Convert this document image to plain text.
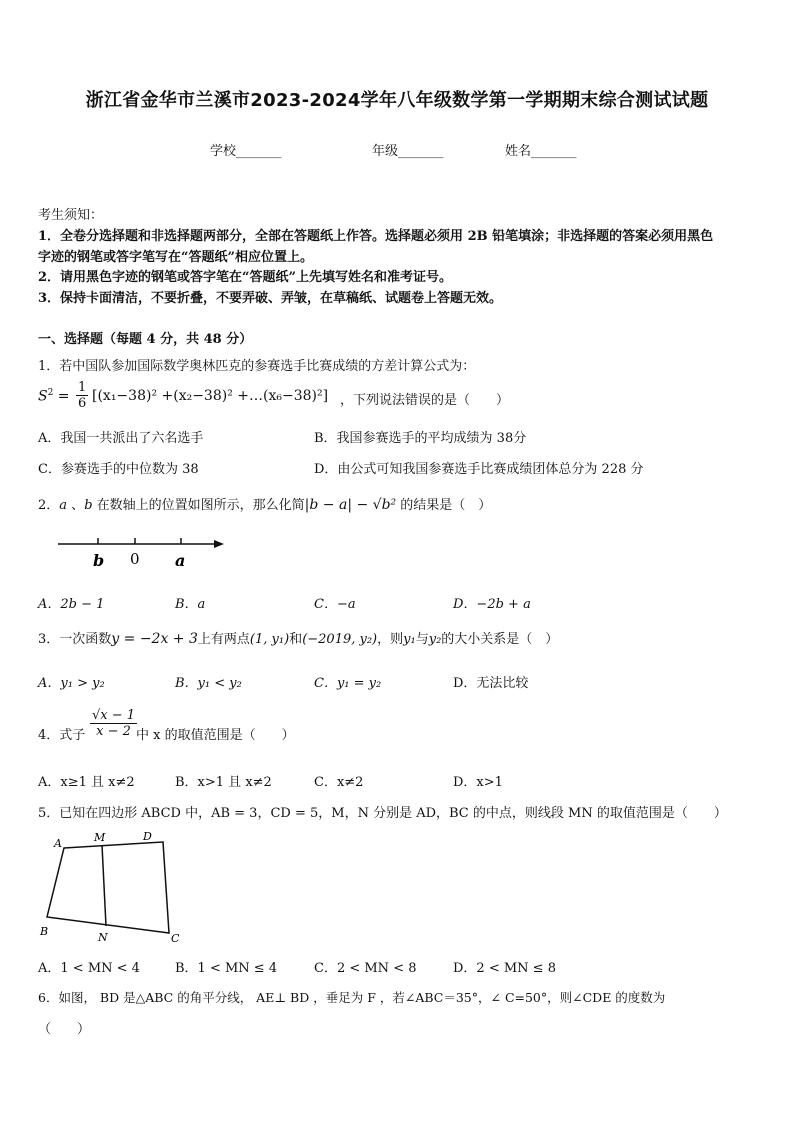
浙江省金华市兰溪市2023-2024学年八年级数学第一学期期末综合测试试题
学校_______	年级_______	姓名_______
考生须知：
1．全卷分选择题和非选择题两部分，全部在答题纸上作答。选择题必须用 2B 铅笔填涂；非选择题的答案必须用黑色
字迹的钢笔或答字笔写在“答题纸”相应位置上。
2．请用黑色字迹的钢笔或答字笔在“答题纸”上先填写姓名和准考证号。
3．保持卡面清洁，不要折叠，不要弄破、弄皱，在草稿纸、试题卷上答题无效。
一、选择题（每题 4 分，共 48 分）
1．若中国队参加国际数学奥林匹克的参赛选手比赛成绩的方差计算公式为：
$S^2 = \frac{1}{6} [(x_1-38)^2 +(x_2-38)^2$ +…(x₆−38)²] ，下列说法错误的是（　　）
A．我国一共派出了六名选手	B．我国参赛选手的平均成绩为 38分
C．参赛选手的中位数为 38	D．由公式可知我国参赛选手比赛成绩团体总分为 228 分
2．a 、b 在数轴上的位置如图所示，那么化简|b − a| − √b² 的结果是（　）
b 0 a
A．2b − 1	B．a	C．−a	D．−2b + a
3．一次函数y = −2x + 3上有两点(1, y₁)和(−2019, y₂)，则y₁与y₂的大小关系是（　）
A．y₁ > y₂	B．y₁ < y₂	C．y₁ = y₂	D．无法比较
4．式子 $\frac{√x - 1}{x - 2}$
中 x 的取值范围是（　　）
A．x≥1 且 x≠2	B．x>1 且 x≠2	C．x≠2	D．x>1
5．已知在四边形 ABCD 中，AB = 3，CD = 5，M，N 分别是 AD，BC 的中点，则线段 MN 的取值范围是（　　）
A	M	D
B	N	C
A．1 < MN < 4	B．1 < MN ≤ 4	C．2 < MN < 8	D．2 < MN ≤ 8
6．如图， BD 是△ABC 的角平分线， AE⊥ BD ，垂足为 F ，若∠ABC＝35°，∠ C=50°，则∠CDE 的度数为
（　　）
